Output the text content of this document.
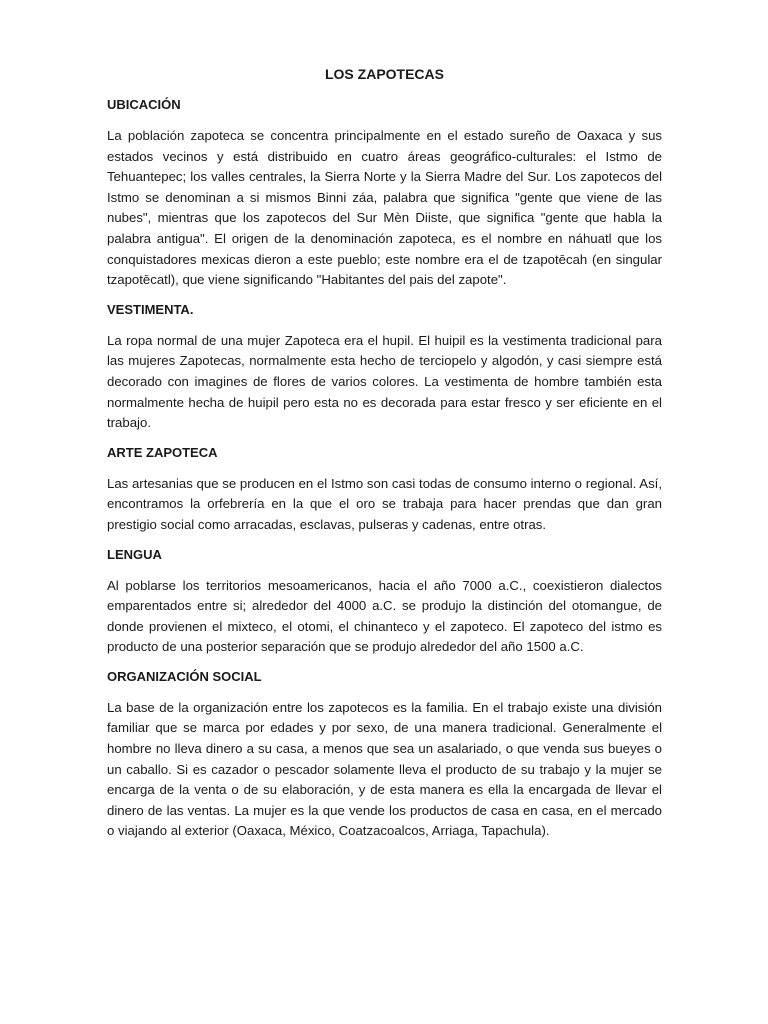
LOS ZAPOTECAS
UBICACIÓN

La población zapoteca se concentra principalmente en el estado sureño de Oaxaca y sus estados vecinos y está distribuido en cuatro áreas geográfico-culturales: el Istmo de Tehuantepec; los valles centrales, la Sierra Norte y la Sierra Madre del Sur. Los zapotecos del Istmo se denominan a si mismos Binni záa, palabra que significa "gente que viene de las nubes", mientras que los zapotecos del Sur Mèn Diiste, que significa "gente que habla la palabra antigua". El origen de la denominación zapoteca, es el nombre en náhuatl que los conquistadores mexicas dieron a este pueblo; este nombre era el de tzapotēcah (en singular tzapotēcatl), que viene significando "Habitantes del pais del zapote".

VESTIMENTA.

La ropa normal de una mujer Zapoteca era el hupil. El huipil es la vestimenta tradicional para las mujeres Zapotecas, normalmente esta hecho de terciopelo y algodón, y casi siempre está decorado con imagines de flores de varios colores. La vestimenta de hombre también esta normalmente hecha de huipil pero esta no es decorada para estar fresco y ser eficiente en el trabajo.

ARTE ZAPOTECA

Las artesanias que se producen en el Istmo son casi todas de consumo interno o regional. Así, encontramos la orfebrería en la que el oro se trabaja para hacer prendas que dan gran prestigio social como arracadas, esclavas, pulseras y cadenas, entre otras.

LENGUA

Al poblarse los territorios mesoamericanos, hacia el año 7000 a.C., coexistieron dialectos emparentados entre si; alrededor del 4000 a.C. se produjo la distinción del otomangue, de donde provienen el mixteco, el otomi, el chinanteco y el zapoteco. El zapoteco del istmo es producto de una posterior separación que se produjo alrededor del año 1500 a.C.

ORGANIZACIÓN SOCIAL

La base de la organización entre los zapotecos es la familia. En el trabajo existe una división familiar que se marca por edades y por sexo, de una manera tradicional. Generalmente el hombre no lleva dinero a su casa, a menos que sea un asalariado, o que venda sus bueyes o un caballo. Si es cazador o pescador solamente lleva el producto de su trabajo y la mujer se encarga de la venta o de su elaboración, y de esta manera es ella la encargada de llevar el dinero de las ventas. La mujer es la que vende los productos de casa en casa, en el mercado o viajando al exterior (Oaxaca, México, Coatzacoalcos, Arriaga, Tapachula).
